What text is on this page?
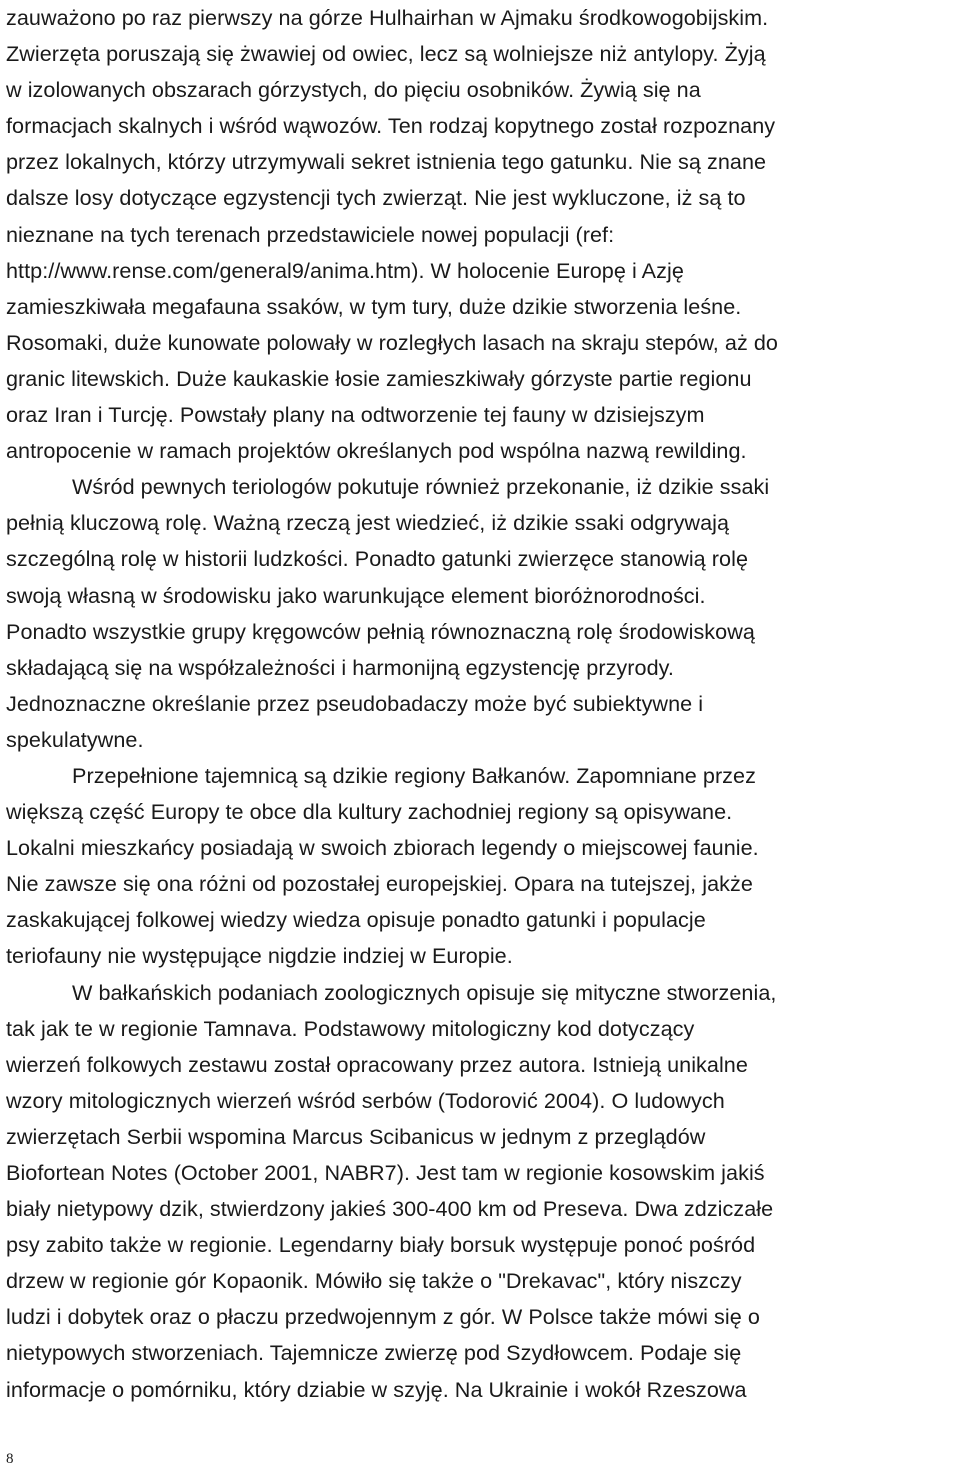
zauważono po raz pierwszy na górze Hulhairhan w Ajmaku środkowogobijskim.
Zwierzęta poruszają się żwawiej od owiec, lecz są wolniejsze niż antylopy. Żyją
w izolowanych obszarach górzystych, do pięciu osobników. Żywią się na
formacjach skalnych i wśród wąwozów. Ten rodzaj kopytnego został rozpoznany
przez lokalnych, którzy utrzymywali sekret istnienia tego gatunku. Nie są znane
dalsze losy dotyczące egzystencji tych zwierząt. Nie jest wykluczone, iż są to
nieznane na tych terenach przedstawiciele nowej populacji (ref:
http://www.rense.com/general9/anima.htm). W holocenie Europę i Azję
zamieszkiwała megafauna ssaków, w tym tury, duże dzikie stworzenia leśne.
Rosomaki, duże kunowate polowały w rozległych lasach na skraju stepów, aż do
granic litewskich. Duże kaukaskie łosie zamieszkiwały górzyste partie regionu
oraz Iran i Turcję. Powstały plany na odtworzenie tej fauny w dzisiejszym
antropocenie w ramach projektów określanych pod wspólna nazwą rewilding.
Wśród pewnych teriologów pokutuje również przekonanie, iż dzikie ssaki
pełnią kluczową rolę. Ważną rzeczą jest wiedzieć, iż dzikie ssaki odgrywają
szczególną rolę w historii ludzkości. Ponadto gatunki zwierzęce stanowią rolę
swoją własną w środowisku jako warunkujące element bioróżnorodności.
Ponadto wszystkie grupy kręgowców pełnią równoznaczną rolę środowiskową
składającą się na współzależności i harmonijną egzystencję przyrody.
Jednoznaczne określanie przez pseudobadaczy może być subiektywne i
spekulatywne.
Przepełnione tajemnicą są dzikie regiony Bałkanów. Zapomniane przez
większą część Europy te obce dla kultury zachodniej regiony są opisywane.
Lokalni mieszkańcy posiadają w swoich zbiorach legendy o miejscowej faunie.
Nie zawsze się ona różni od pozostałej europejskiej. Opara na tutejszej, jakże
zaskakującej folkowej wiedzy wiedza opisuje ponadto gatunki i populacje
teriofauny nie występujące nigdzie indziej w Europie.
W bałkańskich podaniach zoologicznych opisuje się mityczne stworzenia,
tak jak te w regionie Tamnava. Podstawowy mitologiczny kod dotyczący
wierzeń folkowych zestawu został opracowany przez autora. Istnieją unikalne
wzory mitologicznych wierzeń wśród serbów (Todorović 2004). O ludowych
zwierzętach Serbii wspomina Marcus Scibanicus w jednym z przeglądów
Biofortean Notes (October 2001, NABR7). Jest tam w regionie kosowskim jakiś
biały nietypowy dzik, stwierdzony jakieś 300-400 km od Preseva. Dwa zdziczałe
psy zabito także w regionie. Legendarny biały borsuk występuje ponoć pośród
drzew w regionie gór Kopaonik. Mówiło się także o "Drekavac", który niszczy
ludzi i dobytek oraz o płaczu przedwojennym z gór. W Polsce także mówi się o
nietypowych stworzeniach. Tajemnicze zwierzę pod Szydłowcem. Podaje się
informacje o pomórniku, który dziabie w szyję. Na Ukrainie i wokół Rzeszowa
8
